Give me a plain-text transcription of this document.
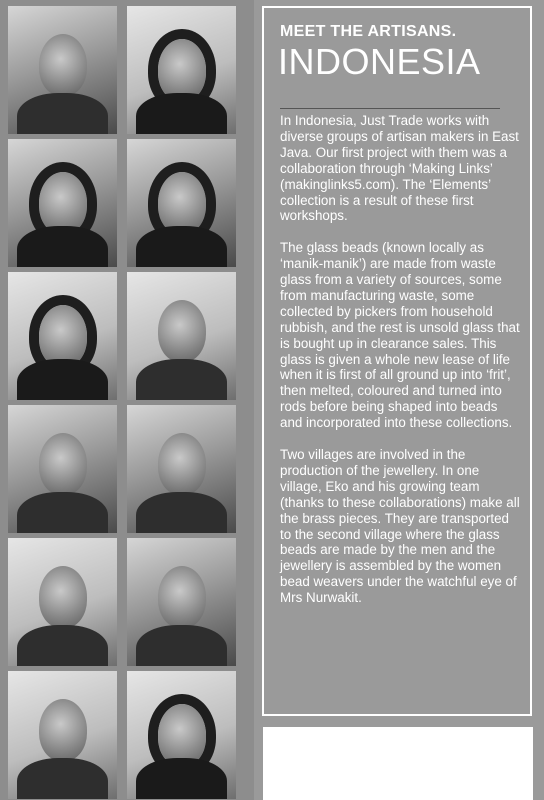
MEET THE ARTISANS.
INDONESIA

In Indonesia, Just Trade works with diverse groups of artisan makers in East Java. Our first project with them was a collaboration through ‘Making Links’ (makinglinks5.com). The ‘Elements’ collection is a result of these first workshops.

The glass beads (known locally as ‘manik-manik’) are made from waste glass from a variety of sources, some from manufacturing waste, some collected by pickers from household rubbish, and the rest is unsold glass that is bought up in clearance sales. This glass is given a whole new lease of life when it is first of all ground up into ‘frit’, then melted, coloured and turned into rods before being shaped into beads and incorporated into these collections.

Two villages are involved in the production of the jewellery. In one village, Eko and his growing team (thanks to these collaborations) make all the brass pieces. They are transported to the second village where the glass beads are made by the men and the jewellery is assembled by the women bead weavers under the watchful eye of Mrs Nurwakit.
